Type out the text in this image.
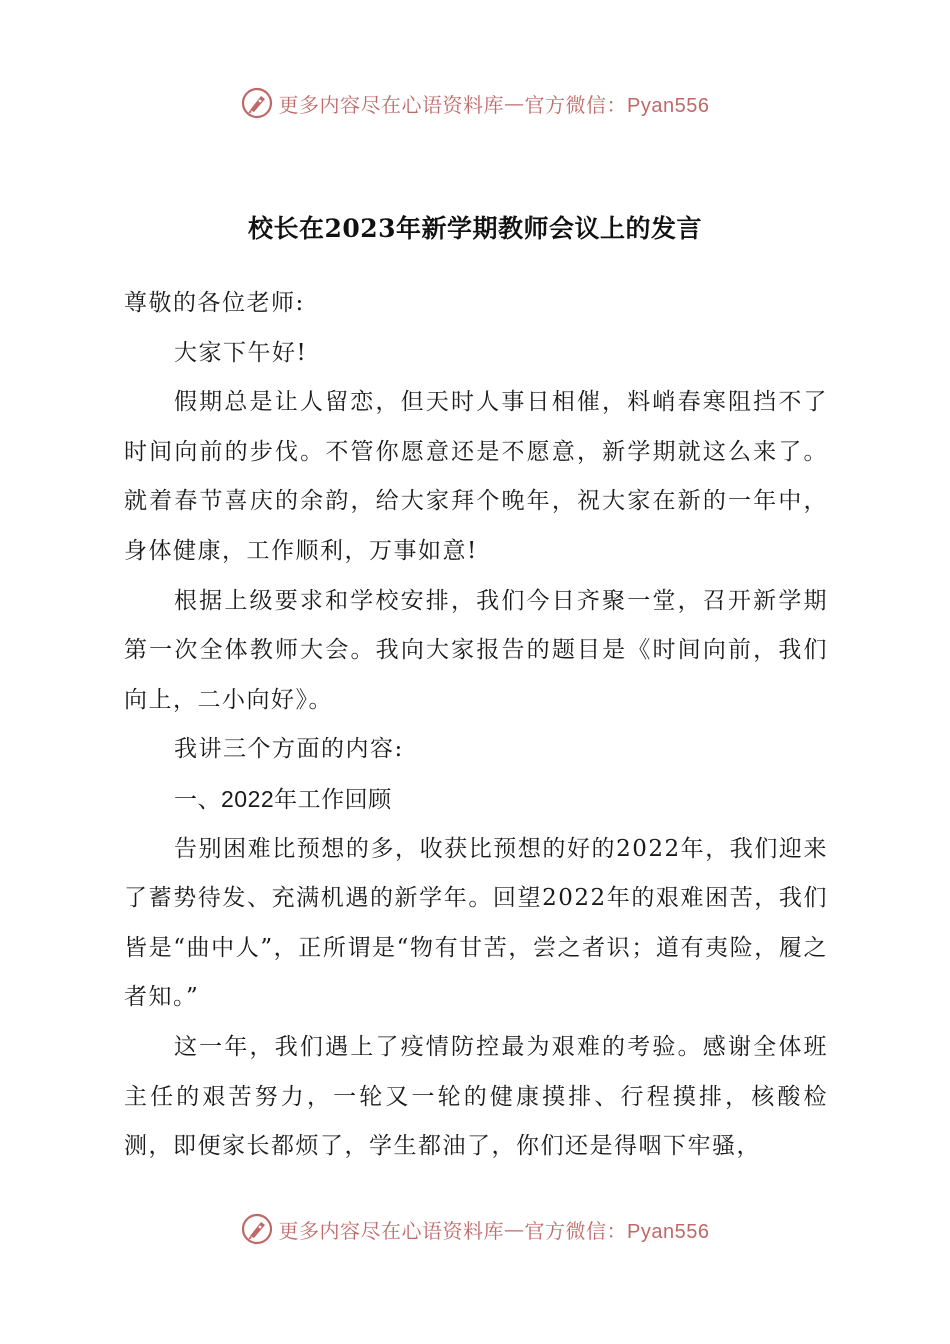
更多内容尽在心语资料库 — 官方微信：Pyan556
校长在2023年新学期教师会议上的发言

尊敬的各位老师:

大家下午好!

假期总是让人留恋，但天时人事日相催，料峭春寒阻挡不了时间向前的步伐。不管你愿意还是不愿意，新学期就这么来了。就着春节喜庆的余韵，给大家拜个晚年，祝大家在新的一年中，身体健康，工作顺利，万事如意!

根据上级要求和学校安排，我们今日齐聚一堂，召开新学期第一次全体教师大会。我向大家报告的题目是《时间向前，我们向上，二小向好》。

我讲三个方面的内容:

一、2022年工作回顾

告别困难比预想的多，收获比预想的好的2022年，我们迎来了蓄势待发、充满机遇的新学年。回望2022年的艰难困苦，我们皆是“曲中人”，正所谓是“物有甘苦，尝之者识；道有夷险，履之者知。”

这一年，我们遇上了疫情防控最为艰难的考验。感谢全体班主任的艰苦努力，一轮又一轮的健康摸排、行程摸排，核酸检测，即便家长都烦了，学生都油了，你们还是得咽下牢骚，

更多内容尽在心语资料库 — 官方微信：Pyan556
